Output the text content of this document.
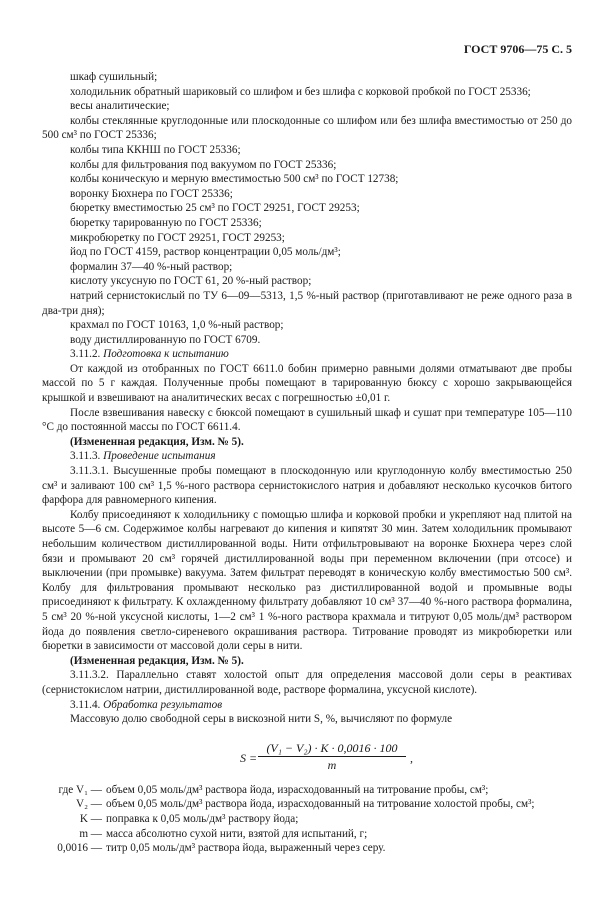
ГОСТ 9706—75 С. 5

шкаф сушильный;

холодильник обратный шариковый со шлифом и без шлифа с корковой пробкой по ГОСТ 25336;

весы аналитические;

колбы стеклянные круглодонные или плоскодонные со шлифом или без шлифа вместимостью от 250 до 500 см³ по ГОСТ 25336;

колбы типа ККНШ по ГОСТ 25336;

колбы для фильтрования под вакуумом по ГОСТ 25336;

колбы коническую и мерную вместимостью 500 см³ по ГОСТ 12738;

воронку Бюхнера по ГОСТ 25336;

бюретку вместимостью 25 см³ по ГОСТ 29251, ГОСТ 29253;

бюретку тарированную по ГОСТ 25336;

микробюретку по ГОСТ 29251, ГОСТ 29253;

йод по ГОСТ 4159, раствор концентрации 0,05 моль/дм³;

формалин 37—40 %-ный раствор;

кислоту уксусную по ГОСТ 61, 20 %-ный раствор;

натрий сернистокислый по ТУ 6—09—5313, 1,5 %-ный раствор (приготавливают не реже одного раза в два-три дня);

крахмал по ГОСТ 10163, 1,0 %-ный раствор;

воду дистиллированную по ГОСТ 6709.

3.11.2. Подготовка к испытанию

От каждой из отобранных по ГОСТ 6611.0 бобин примерно равными долями отматывают две пробы массой по 5 г каждая. Полученные пробы помещают в тарированную бюксу с хорошо закрывающейся крышкой и взвешивают на аналитических весах с погрешностью ±0,01 г.

После взвешивания навеску с бюксой помещают в сушильный шкаф и сушат при температуре 105—110 °С до постоянной массы по ГОСТ 6611.4.

(Измененная редакция, Изм. № 5).

3.11.3. Проведение испытания

3.11.3.1. Высушенные пробы помещают в плоскодонную или круглодонную колбу вместимостью 250 см³ и заливают 100 см³ 1,5 %-ного раствора сернистокислого натрия и добавляют несколько кусочков битого фарфора для равномерного кипения.

Колбу присоединяют к холодильнику с помощью шлифа и корковой пробки и укрепляют над плитой на высоте 5—6 см. Содержимое колбы нагревают до кипения и кипятят 30 мин. Затем холодильник промывают небольшим количеством дистиллированной воды. Нити отфильтровывают на воронке Бюхнера через слой бязи и промывают 20 см³ горячей дистиллированной воды при переменном включении (при отсосе) и выключении (при промывке) вакуума. Затем фильтрат переводят в коническую колбу вместимостью 500 см³. Колбу для фильтрования промывают несколько раз дистиллированной водой и промывные воды присоединяют к фильтрату. К охлажденному фильтрату добавляют 10 см³ 37—40 %-ного раствора формалина, 5 см³ 20 %-ной уксусной кислоты, 1—2 см³ 1 %-ного раствора крахмала и титруют 0,05 моль/дм³ раствором йода до появления светло-сиреневого окрашивания раствора. Титрование проводят из микробюретки или бюретки в зависимости от массовой доли серы в нити.

(Измененная редакция, Изм. № 5).

3.11.3.2. Параллельно ставят холостой опыт для определения массовой доли серы в реактивах (сернистокислом натрии, дистиллированной воде, растворе формалина, уксусной кислоте).

3.11.4. Обработка результатов

Массовую долю свободной серы в вискозной нити S, %, вычисляют по формуле

$S = \frac{\text{(V₁ − V₂) · K · 0,0016 · 100}}{m}$ ,
где V₁ — объем 0,05 моль/дм³ раствора йода, израсходованный на титрование пробы, см³;
V₂ — объем 0,05 моль/дм³ раствора йода, израсходованный на титрование холостой пробы, см³;
K — поправка к 0,05 моль/дм³ раствору йода;
m — масса абсолютно сухой нити, взятой для испытаний, г;
0,0016 — титр 0,05 моль/дм³ раствора йода, выраженный через серу.
